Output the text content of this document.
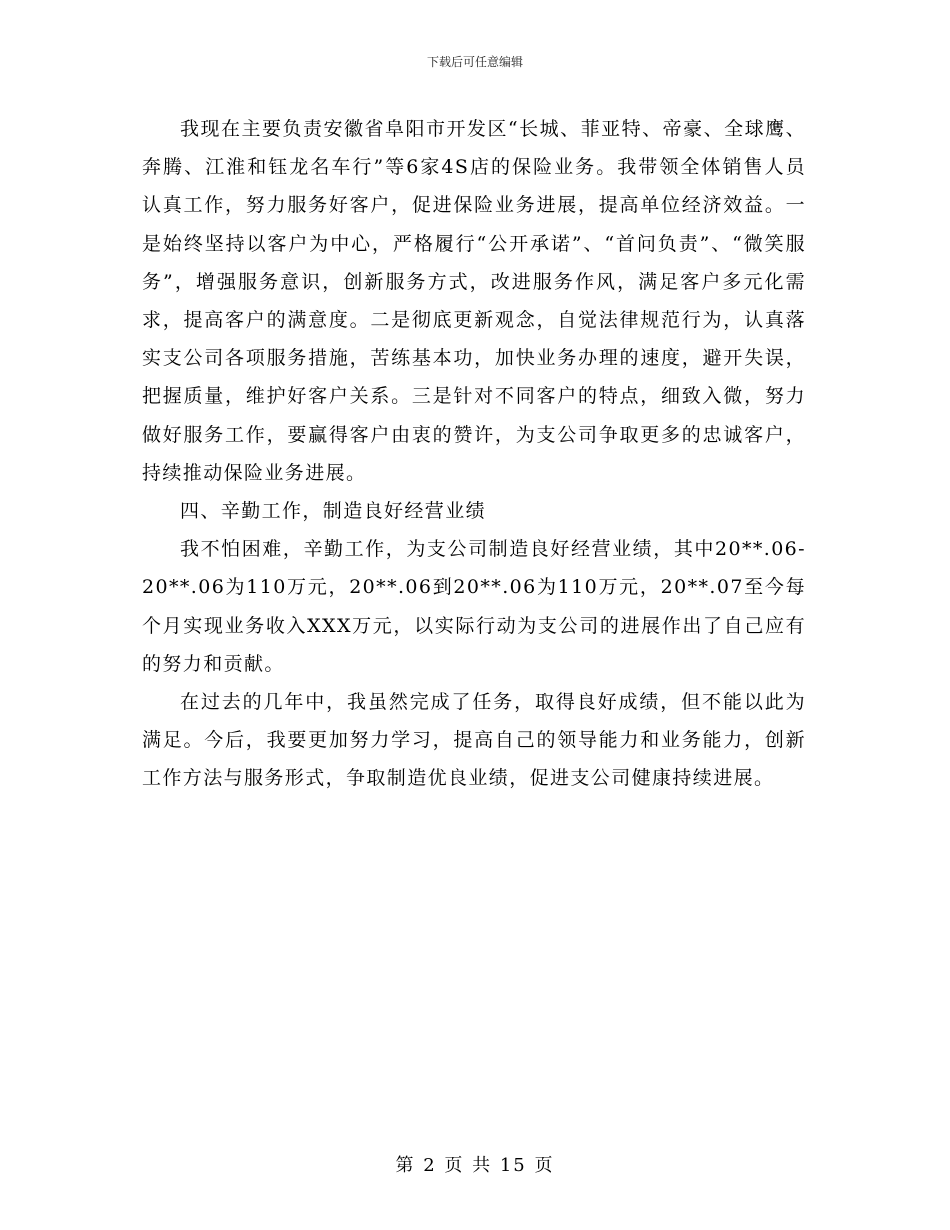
下载后可任意编辑

我现在主要负责安徽省阜阳市开发区“长城、菲亚特、帝豪、全球鹰、奔腾、江淮和钰龙名车行”等6家4S店的保险业务。我带领全体销售人员认真工作，努力服务好客户，促进保险业务进展，提高单位经济效益。一是始终坚持以客户为中心，严格履行“公开承诺”、“首问负责”、“微笑服务”，增强服务意识，创新服务方式，改进服务作风，满足客户多元化需求，提高客户的满意度。二是彻底更新观念，自觉法律规范行为，认真落实支公司各项服务措施，苦练基本功，加快业务办理的速度，避开失误，把握质量，维护好客户关系。三是针对不同客户的特点，细致入微，努力做好服务工作，要赢得客户由衷的赞许，为支公司争取更多的忠诚客户，持续推动保险业务进展。

四、辛勤工作，制造良好经营业绩

我不怕困难，辛勤工作，为支公司制造良好经营业绩，其中20**.06-20**.06为110万元，20**.06到20**.06为110万元，20**.07至今每个月实现业务收入XXX万元，以实际行动为支公司的进展作出了自己应有的努力和贡献。

在过去的几年中，我虽然完成了任务，取得良好成绩，但不能以此为满足。今后，我要更加努力学习，提高自己的领导能力和业务能力，创新工作方法与服务形式，争取制造优良业绩，促进支公司健康持续进展。

第 2 页 共 15 页
